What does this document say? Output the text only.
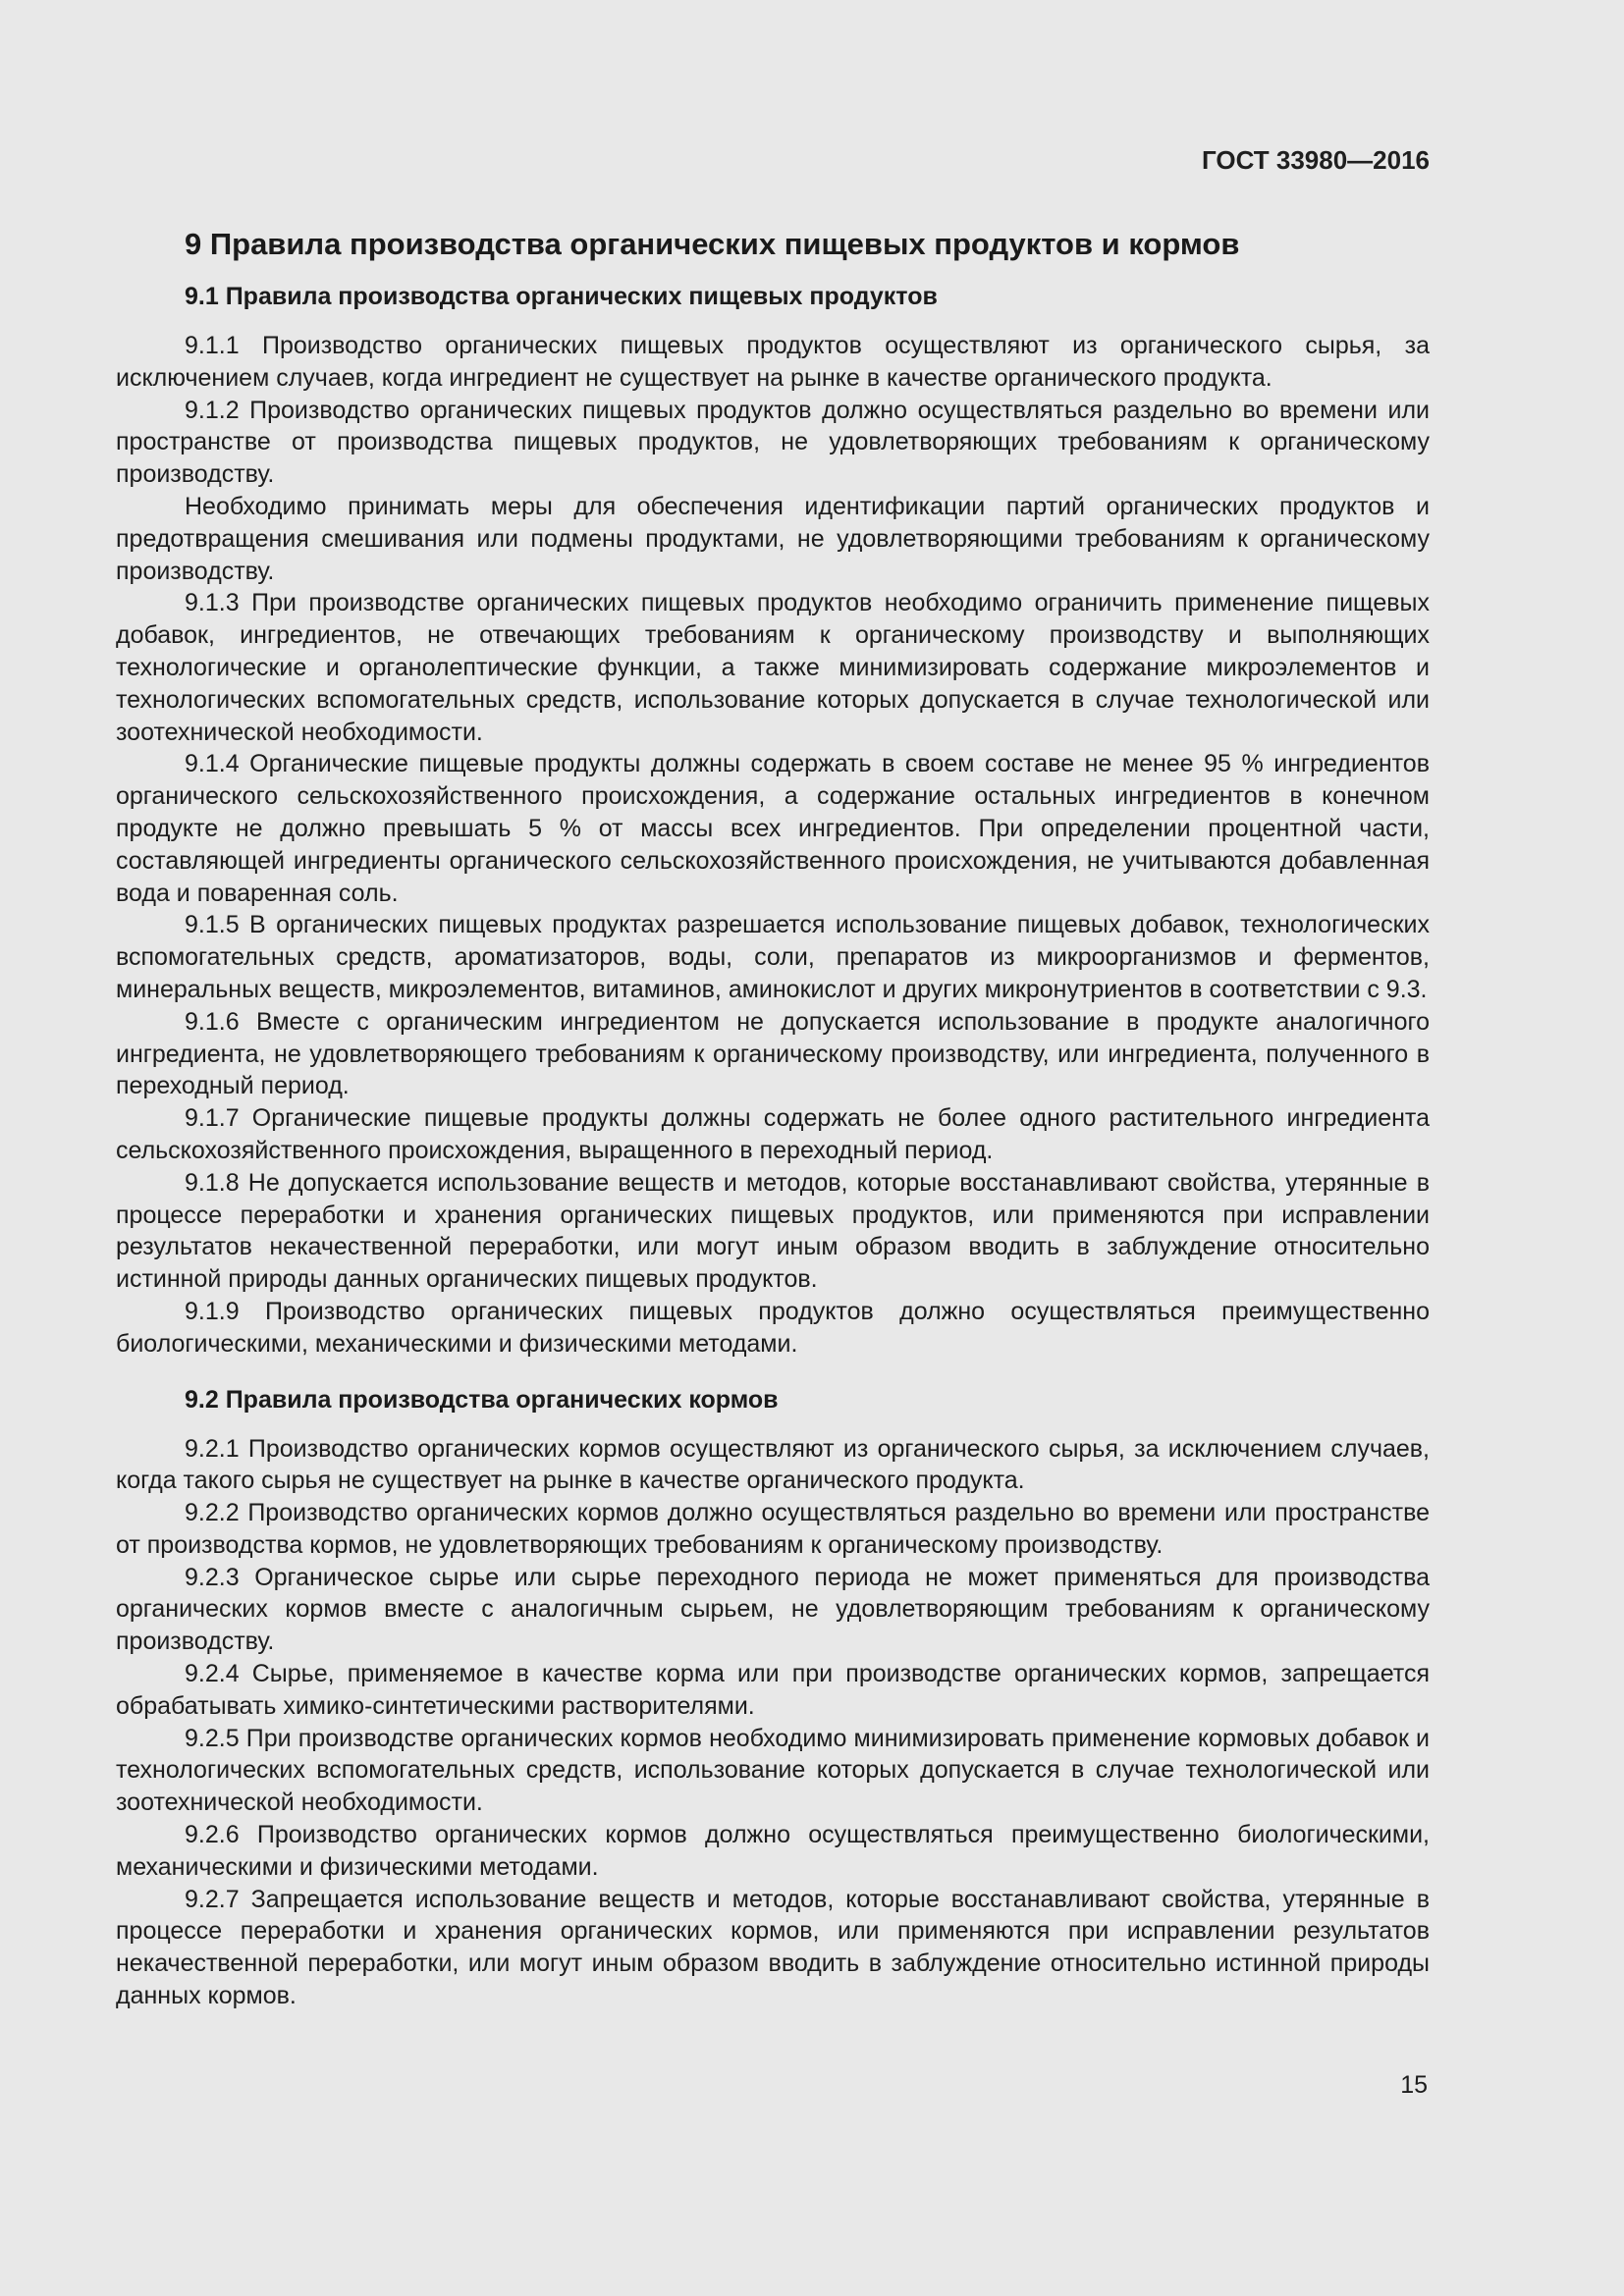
ГОСТ 33980—2016
9 Правила производства органических пищевых продуктов и кормов
9.1 Правила производства органических пищевых продуктов

9.1.1 Производство органических пищевых продуктов осуществляют из органического сырья, за исключением случаев, когда ингредиент не существует на рынке в качестве органического продукта.

9.1.2 Производство органических пищевых продуктов должно осуществляться раздельно во времени или пространстве от производства пищевых продуктов, не удовлетворяющих требованиям к органическому производству.

Необходимо принимать меры для обеспечения идентификации партий органических продуктов и предотвращения смешивания или подмены продуктами, не удовлетворяющими требованиям к органическому производству.

9.1.3 При производстве органических пищевых продуктов необходимо ограничить применение пищевых добавок, ингредиентов, не отвечающих требованиям к органическому производству и выполняющих технологические и органолептические функции, а также минимизировать содержание микроэлементов и технологических вспомогательных средств, использование которых допускается в случае технологической или зоотехнической необходимости.

9.1.4 Органические пищевые продукты должны содержать в своем составе не менее 95 % ингредиентов органического сельскохозяйственного происхождения, а содержание остальных ингредиентов в конечном продукте не должно превышать 5 % от массы всех ингредиентов. При определении процентной части, составляющей ингредиенты органического сельскохозяйственного происхождения, не учитываются добавленная вода и поваренная соль.

9.1.5 В органических пищевых продуктах разрешается использование пищевых добавок, технологических вспомогательных средств, ароматизаторов, воды, соли, препаратов из микроорганизмов и ферментов, минеральных веществ, микроэлементов, витаминов, аминокислот и других микронутриентов в соответствии с 9.3.

9.1.6 Вместе с органическим ингредиентом не допускается использование в продукте аналогичного ингредиента, не удовлетворяющего требованиям к органическому производству, или ингредиента, полученного в переходный период.

9.1.7 Органические пищевые продукты должны содержать не более одного растительного ингредиента сельскохозяйственного происхождения, выращенного в переходный период.

9.1.8 Не допускается использование веществ и методов, которые восстанавливают свойства, утерянные в процессе переработки и хранения органических пищевых продуктов, или применяются при исправлении результатов некачественной переработки, или могут иным образом вводить в заблуждение относительно истинной природы данных органических пищевых продуктов.

9.1.9 Производство органических пищевых продуктов должно осуществляться преимущественно биологическими, механическими и физическими методами.

9.2 Правила производства органических кормов

9.2.1 Производство органических кормов осуществляют из органического сырья, за исключением случаев, когда такого сырья не существует на рынке в качестве органического продукта.

9.2.2 Производство органических кормов должно осуществляться раздельно во времени или пространстве от производства кормов, не удовлетворяющих требованиям к органическому производству.

9.2.3 Органическое сырье или сырье переходного периода не может применяться для производства органических кормов вместе с аналогичным сырьем, не удовлетворяющим требованиям к органическому производству.

9.2.4 Сырье, применяемое в качестве корма или при производстве органических кормов, запрещается обрабатывать химико-синтетическими растворителями.

9.2.5 При производстве органических кормов необходимо минимизировать применение кормовых добавок и технологических вспомогательных средств, использование которых допускается в случае технологической или зоотехнической необходимости.

9.2.6 Производство органических кормов должно осуществляться преимущественно биологическими, механическими и физическими методами.

9.2.7 Запрещается использование веществ и методов, которые восстанавливают свойства, утерянные в процессе переработки и хранения органических кормов, или применяются при исправлении результатов некачественной переработки, или могут иным образом вводить в заблуждение относительно истинной природы данных кормов.

15
